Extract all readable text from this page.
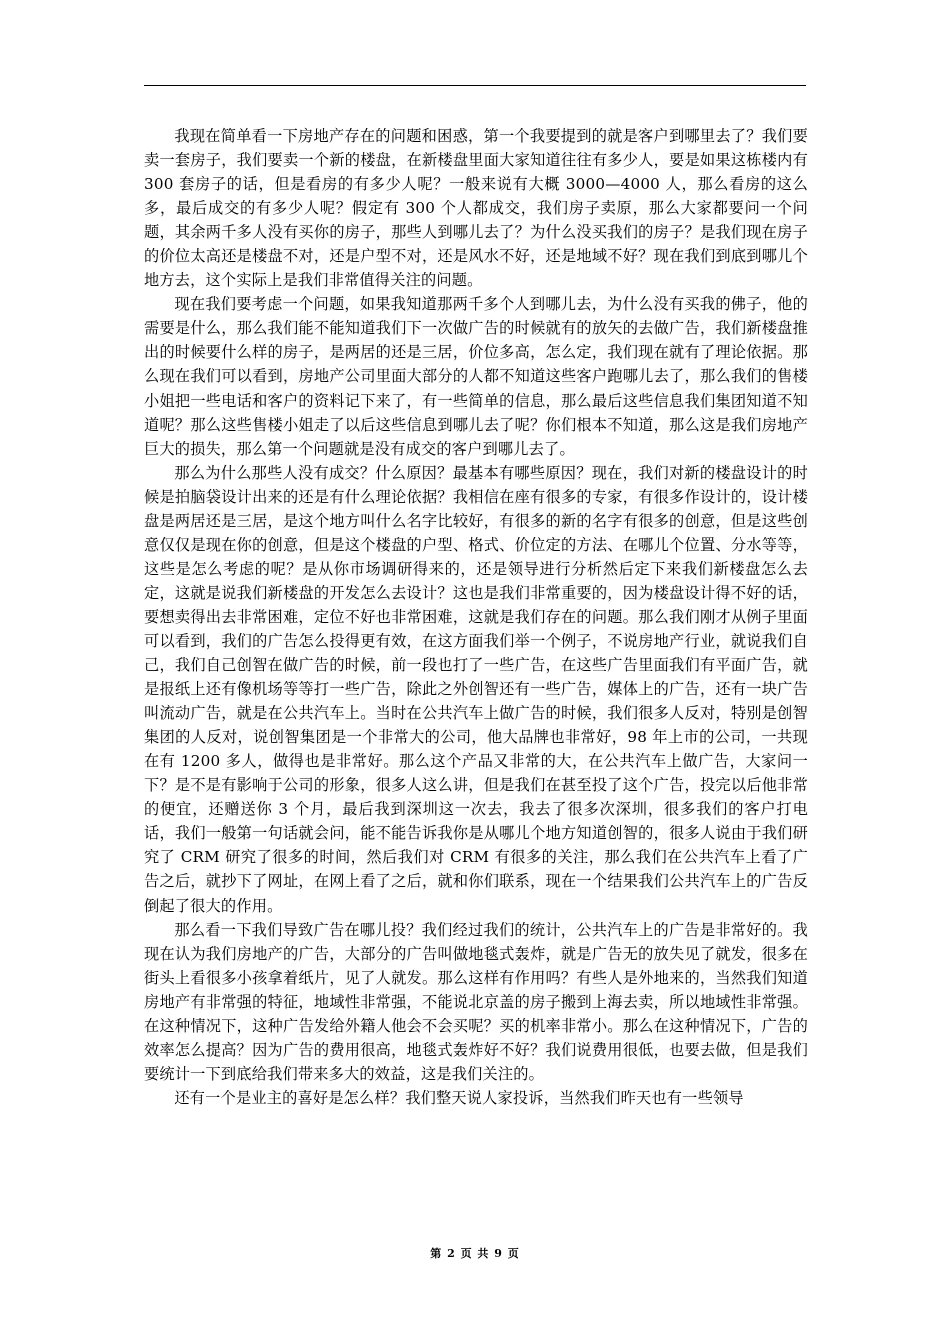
我现在简单看一下房地产存在的问题和困惑，第一个我要提到的就是客户到哪里去了？我们要卖一套房子，我们要卖一个新的楼盘，在新楼盘里面大家知道往往有多少人，要是如果这栋楼内有 300 套房子的话，但是看房的有多少人呢？一般来说有大概 3000—4000 人，那么看房的这么多，最后成交的有多少人呢？假定有 300 个人都成交，我们房子卖原，那么大家都要问一个问题，其余两千多人没有买你的房子，那些人到哪儿去了？为什么没买我们的房子？是我们现在房子的价位太高还是楼盘不对，还是户型不对，还是风水不好，还是地域不好？现在我们到底到哪儿个地方去，这个实际上是我们非常值得关注的问题。

现在我们要考虑一个问题，如果我知道那两千多个人到哪儿去，为什么没有买我的佛子，他的需要是什么，那么我们能不能知道我们下一次做广告的时候就有的放矢的去做广告，我们新楼盘推出的时候要什么样的房子，是两居的还是三居，价位多高，怎么定，我们现在就有了理论依据。那么现在我们可以看到，房地产公司里面大部分的人都不知道这些客户跑哪儿去了，那么我们的售楼小姐把一些电话和客户的资料记下来了，有一些简单的信息，那么最后这些信息我们集团知道不知道呢？那么这些售楼小姐走了以后这些信息到哪儿去了呢？你们根本不知道，那么这是我们房地产巨大的损失，那么第一个问题就是没有成交的客户到哪儿去了。

那么为什么那些人没有成交？什么原因？最基本有哪些原因？现在，我们对新的楼盘设计的时候是拍脑袋设计出来的还是有什么理论依据？我相信在座有很多的专家，有很多作设计的，设计楼盘是两居还是三居，是这个地方叫什么名字比较好，有很多的新的名字有很多的创意，但是这些创意仅仅是现在你的创意，但是这个楼盘的户型、格式、价位定的方法、在哪儿个位置、分水等等，这些是怎么考虑的呢？是从你市场调研得来的，还是领导进行分析然后定下来我们新楼盘怎么去定，这就是说我们新楼盘的开发怎么去设计？这也是我们非常重要的，因为楼盘设计得不好的话，要想卖得出去非常困难，定位不好也非常困难，这就是我们存在的问题。那么我们刚才从例子里面可以看到，我们的广告怎么投得更有效，在这方面我们举一个例子，不说房地产行业，就说我们自己，我们自己创智在做广告的时候，前一段也打了一些广告，在这些广告里面我们有平面广告，就是报纸上还有像机场等等打一些广告，除此之外创智还有一些广告，媒体上的广告，还有一块广告叫流动广告，就是在公共汽车上。当时在公共汽车上做广告的时候，我们很多人反对，特别是创智集团的人反对，说创智集团是一个非常大的公司，他大品牌也非常好，98 年上市的公司，一共现在有 1200 多人，做得也是非常好。那么这个产品又非常的大，在公共汽车上做广告，大家问一下？是不是有影响于公司的形象，很多人这么讲，但是我们在甚至投了这个广告，投完以后他非常的便宜，还赠送你 3 个月，最后我到深圳这一次去，我去了很多次深圳，很多我们的客户打电话，我们一般第一句话就会问，能不能告诉我你是从哪儿个地方知道创智的，很多人说由于我们研究了 CRM 研究了很多的时间，然后我们对 CRM 有很多的关注，那么我们在公共汽车上看了广告之后，就抄下了网址，在网上看了之后，就和你们联系，现在一个结果我们公共汽车上的广告反倒起了很大的作用。

那么看一下我们导致广告在哪儿投？我们经过我们的统计，公共汽车上的广告是非常好的。我现在认为我们房地产的广告，大部分的广告叫做地毯式轰炸，就是广告无的放失见了就发，很多在街头上看很多小孩拿着纸片，见了人就发。那么这样有作用吗？有些人是外地来的，当然我们知道房地产有非常强的特征，地域性非常强，不能说北京盖的房子搬到上海去卖，所以地域性非常强。在这种情况下，这种广告发给外籍人他会不会买呢？买的机率非常小。那么在这种情况下，广告的效率怎么提高？因为广告的费用很高，地毯式轰炸好不好？我们说费用很低，也要去做，但是我们要统计一下到底给我们带来多大的效益，这是我们关注的。

还有一个是业主的喜好是怎么样？我们整天说人家投诉，当然我们昨天也有一些领导

第 2 页 共 9 页
